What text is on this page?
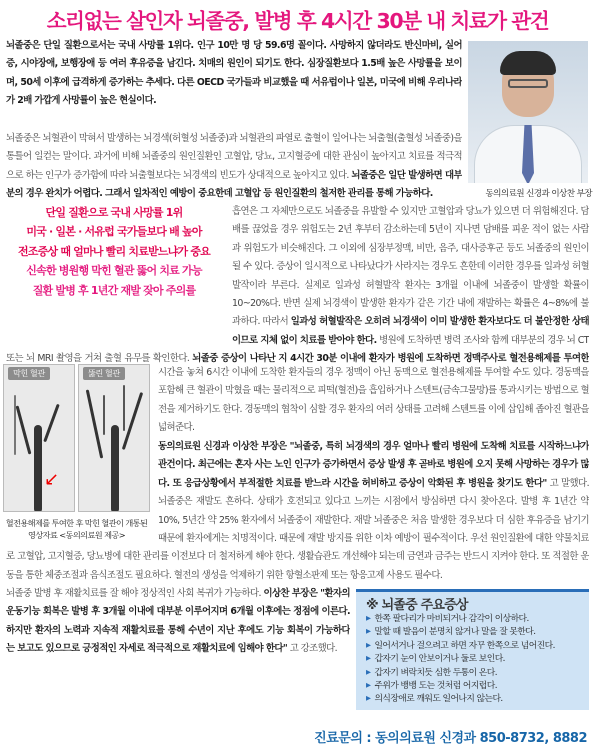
소리없는 살인자 뇌졸중, 발병 후 4시간 30분 내 치료가 관건
뇌졸중은 단일 질환으로서는 국내 사망률 1위다. 인구 10만 명 당 59.6명 꼴이다. 사망하지 않더라도 반신마비, 실어증, 시야장애, 보행장애 등 여러 후유증을 남긴다. 치매의 원인이 되기도 한다. 심장질환보다 1.5배 높은 사망률을 보이며, 50세 이후에 급격하게 증가하는 추세다. 다른 OECD 국가들과 비교했을 때 서유럽이나 일본, 미국에 비해 우리나라가 2배 가깝게 사망률이 높은 현실이다.
뇌졸중은 뇌혈관이 막혀서 발생하는 뇌경색(허혈성 뇌졸중)과 뇌혈관의 파열로 출혈이 일어나는 뇌출혈(출혈성 뇌졸중)을 통틀어 일컫는 말이다. 과거에 비해 뇌졸중의 원인질환인 고혈압, 당뇨, 고지혈증에 대한 관심이 높아지고 치료를 적극적으로 하는 인구가 증가함에 따라 뇌출혈보다는 뇌경색의 빈도가 상대적으로 높아지고 있다. 뇌졸중은 일단 발생하면 대부분의 경우 완치가 어렵다. 그래서 일차적인 예방이 중요한데 고혈압 등 원인질환의 철저한 관리를 통해 가능하다.	동의의료원 신경과 이상찬 부장
단일 질환으로 국내 사망률 1위
미국 · 일본 · 서유럽 국가들보다 배 높아
전조증상 때 얼마나 빨리 치료받느냐가 중요
신속한 병원행 막힌 혈관 뚫어 치료 가능
질환 발병 후 1년간 재발 잦아 주의를
흡연은 그 자체만으로도 뇌졸중을 유발할 수 있지만 고혈압과 당뇨가 있으면 더 위험해진다. 담배를 끊었을 경우 위험도는 2년 후부터 감소하는데 5년이 지나면 담배를 피운 적이 없는 사람과 위험도가 비슷해진다. 그 이외에 심장부정맥, 비만, 음주, 대사증후군 등도 뇌졸중의 원인이 될 수 있다. 증상이 일시적으로 나타났다가 사라지는 경우도 흔한데 이러한 경우를 일과성 허혈발작이라 부른다. 실제로 일과성 허혈발작 환자는 3개월 이내에 뇌졸중이 발생할 확률이 10~20%다. 반면 실제 뇌경색이 발생한 환자가 같은 기간 내에 재발하는 확률은 4~8%에 불과하다. 따라서 일과성 허혈발작은 오히려 뇌경색이 이미 발생한 환자보다도 더 불안정한 상태이므로 지체 없이 치료를 받아야 한다. 병원에 도착하면 병력 조사와 함께 대부분의 경우 뇌 CT 또는 뇌 MRI 촬영을 거쳐 출혈 유무를 확인한다. 뇌졸중 증상이 나타난 지 4시간 30분 이내에 환자가 병원에 도착하면 정맥주사로 혈전용해제를 투여한
막힌 혈관
↙
뚫린 혈관
혈전용해제를 투여한 후 막힌 혈관이 개통된 영상자료 <동의의료원 제공>
시간을 놓쳐 6시간 이내에 도착한 환자들의 경우 정맥이 아닌 동맥으로 혈전용해제를 투여할 수도 있다. 경동맥을 포함해 큰 혈관이 막혔을 때는 물리적으로 피떡(혈전)을 흡입하거나 스텐트(금속그물망)를 통과시키는 방법으로 혈전을 제거하기도 한다. 경동맥의 협착이 심할 경우 환자의 여러 상태를 고려해 스텐트를 이에 삽입해 좁아진 혈관을 넓혀준다.
동의의료원 신경과 이상찬 부장은 "뇌졸중, 특히 뇌경색의 경우 얼마나 빨리 병원에 도착해 치료를 시작하느냐가 관건이다. 최근에는 혼자 사는 노인 인구가 증가하면서 증상 발생 후 곧바로 병원에 오지 못해 사망하는 경우가 많다. 또 응급상황에서 부적절한 치료를 받느라 시간을 허비하고 증상이 악화된 후 병원을 찾기도 한다" 고 말했다. 뇌졸중은 재발도 흔하다. 상태가 호전되고 있다고 느끼는 시점에서 방심하면 다시 찾아온다. 발병 후 1년간 약 10%, 5년간 약 25% 환자에서 뇌졸중이 재발한다. 재발 뇌졸중은 처음 발생한 경우보다 더 심한 후유증을 남기기 때문에 환자에게는 치명적이다. 때문에 재발 방지를 위한 이차 예방이 필수적이다. 우선 원인질환에 대한 약물치료로 고혈압, 고지혈증, 당뇨병에 대한 관리를 이전보다 더 철저하게 해야 한다. 생활습관도 개선해야 되는데 금연과 금주는 반드시 지켜야 한다. 또 적절한 운동을 통한 체중조절과 음식조절도 필요하다. 혈전의 생성을 억제하기 위한 항혈소판제 또는 항응고제 사용도 필수다.
뇌졸중 발병 후 재활치료를 잘 해야 정상적인 사회 복귀가 가능하다. 이상찬 부장은 "환자의 운동기능 회복은 발병 후 3개월 이내에 대부분 이루어지며 6개월 이후에는 정점에 이른다. 하지만 환자의 노력과 지속적 재활치료를 통해 수년이 지난 후에도 기능 회복이 가능하다는 보고도 있으므로 긍정적인 자세로 적극적으로 재활치료에 임해야 한다" 고 강조했다.
※ 뇌졸중 주요증상
▶ 한쪽 팔다리가 마비되거나 감각이 이상하다.
▶ 말할 때 발음이 분명치 않거나 말을 잘 못한다.
▶ 일어서거나 걸으려고 하면 자꾸 한쪽으로 넘어진다.
▶ 갑자기 눈이 안보이거나 둘로 보인다.
▶ 갑자기 벼락치듯 심한 두통이 온다.
▶ 주위가 뱅뱅 도는 것처럼 어지럽다.
▶ 의식장애로 깨워도 일어나지 않는다.
진료문의 : 동의의료원 신경과 850-8732, 8882
